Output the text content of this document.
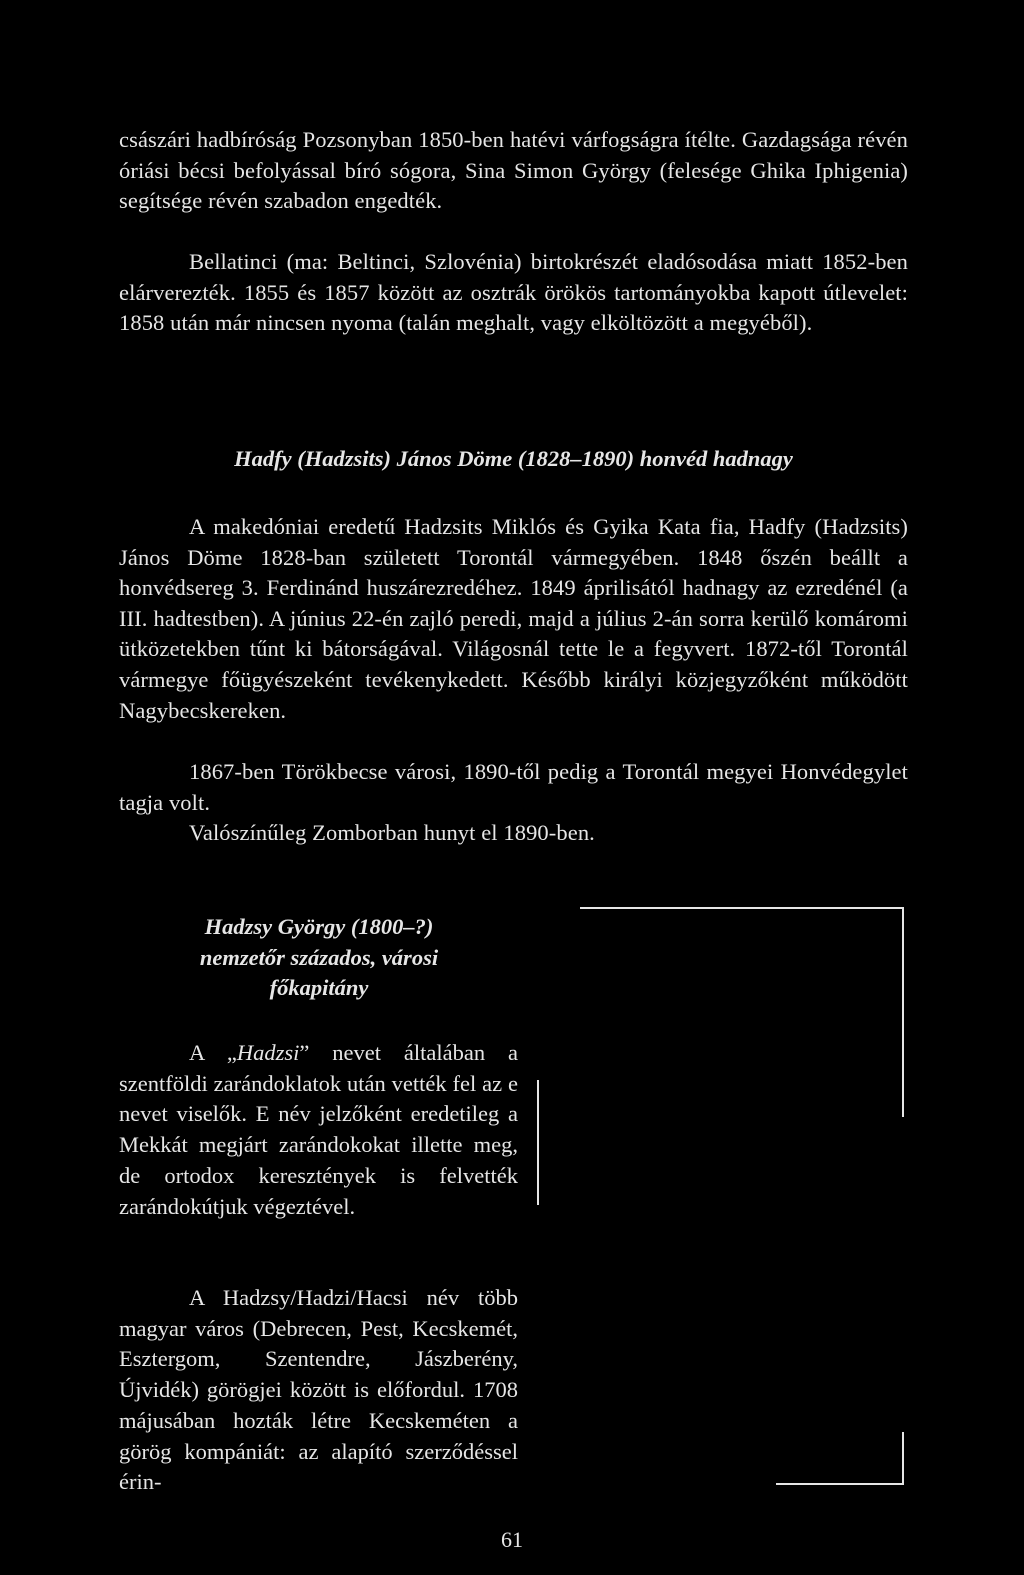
császári hadbíróság Pozsonyban 1850-ben hatévi várfogságra ítélte. Gazdagsága révén óriási bécsi befolyással bíró sógora, Sina Simon György (felesége Ghika Iphigenia) segítsége révén szabadon engedték.
Bellatinci (ma: Beltinci, Szlovénia) birtokrészét eladósodása miatt 1852-ben elárverezték. 1855 és 1857 között az osztrák örökös tartományokba kapott útlevelet: 1858 után már nincsen nyoma (talán meghalt, vagy elköltözött a megyéből).
Hadfy (Hadzsits) János Döme (1828–1890) honvéd hadnagy
A makedóniai eredetű Hadzsits Miklós és Gyika Kata fia, Hadfy (Hadzsits) János Döme 1828-ban született Torontál vármegyében. 1848 őszén beállt a honvédsereg 3. Ferdinánd huszárezredéhez. 1849 áprilisától hadnagy az ezredénél (a III. hadtestben). A június 22-én zajló peredi, majd a július 2-án sorra kerülő komáromi ütközetekben tűnt ki bátorságával. Világosnál tette le a fegyvert. 1872-től Torontál vármegye főügyészeként tevékenykedett. Később királyi közjegyzőként működött Nagybecskereken.
1867-ben Törökbecse városi, 1890-től pedig a Torontál megyei Honvédegylet tagja volt.
Valószínűleg Zomborban hunyt el 1890-ben.
Hadzsy György (1800–?)
nemzetőr százados, városi
főkapitány
A „Hadzsi” nevet általában a szentföldi zarándoklatok után vették fel az e nevet viselők. E név jelzőként eredetileg a Mekkát megjárt zarándokokat illette meg, de ortodox keresztények is felvették zarándokútjuk végeztével.
A Hadzsy/Hadzi/Hacsi név több magyar város (Debrecen, Pest, Kecskemét, Esztergom, Szentendre, Jászberény, Újvidék) görögjei között is előfordul. 1708 májusában hozták létre Kecskeméten a görög kompániát: az alapító szerződéssel érin-
61
